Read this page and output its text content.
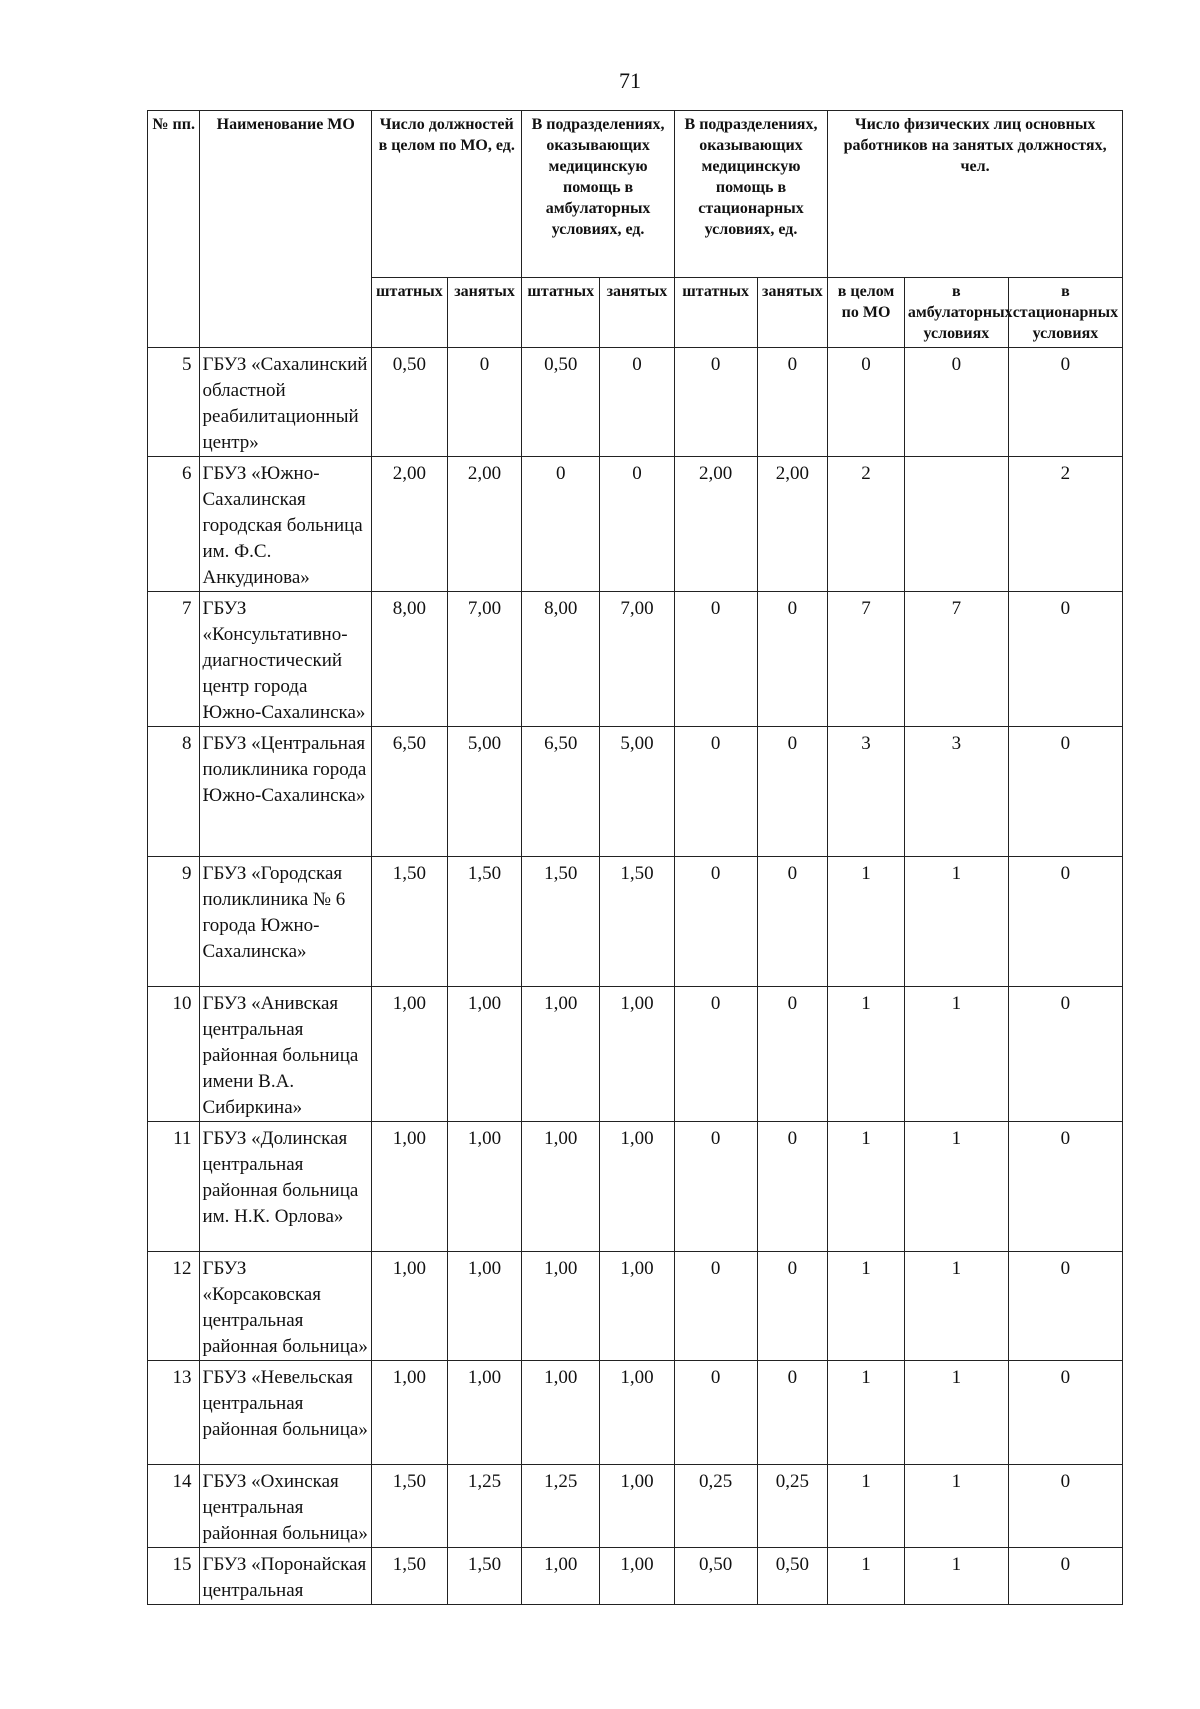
71
№ пп.	Наименование МО	Число должностей в целом по МО, ед.		В подразделениях, оказывающих медицинскую помощь в амбулаторных условиях, ед.		В подразделениях, оказывающих медицинскую помощь в стационарных условиях, ед.		Число физических лиц основных работников на занятых должностях, чел.		
		штатных	занятых	штатных	занятых	штатных	занятых	в целом по МО	в амбулаторных условиях	в стационарных условиях
5	ГБУЗ «Сахалинский областной реабилитационный центр»	0,50	0	0,50	0	0	0	0	0	0
6	ГБУЗ «Южно-Сахалинская городская больница им. Ф.С. Анкудинова»	2,00	2,00	0	0	2,00	2,00	2		2
7	ГБУЗ «Консультативно-диагностический центр города Южно-Сахалинска»	8,00	7,00	8,00	7,00	0	0	7	7	0
8	ГБУЗ «Центральная поликлиника города Южно-Сахалинска»	6,50	5,00	6,50	5,00	0	0	3	3	0
9	ГБУЗ «Городская поликлиника № 6 города Южно-Сахалинска»	1,50	1,50	1,50	1,50	0	0	1	1	0
10	ГБУЗ «Анивская центральная районная больница имени В.А. Сибиркина»	1,00	1,00	1,00	1,00	0	0	1	1	0
11	ГБУЗ «Долинская центральная районная больница им. Н.К. Орлова»	1,00	1,00	1,00	1,00	0	0	1	1	0
12	ГБУЗ «Корсаковская центральная районная больница»	1,00	1,00	1,00	1,00	0	0	1	1	0
13	ГБУЗ «Невельская центральная районная больница»	1,00	1,00	1,00	1,00	0	0	1	1	0
14	ГБУЗ «Охинская центральная районная больница»	1,50	1,25	1,25	1,00	0,25	0,25	1	1	0
15	ГБУЗ «Поронайская центральная	1,50	1,50	1,00	1,00	0,50	0,50	1	1	0
